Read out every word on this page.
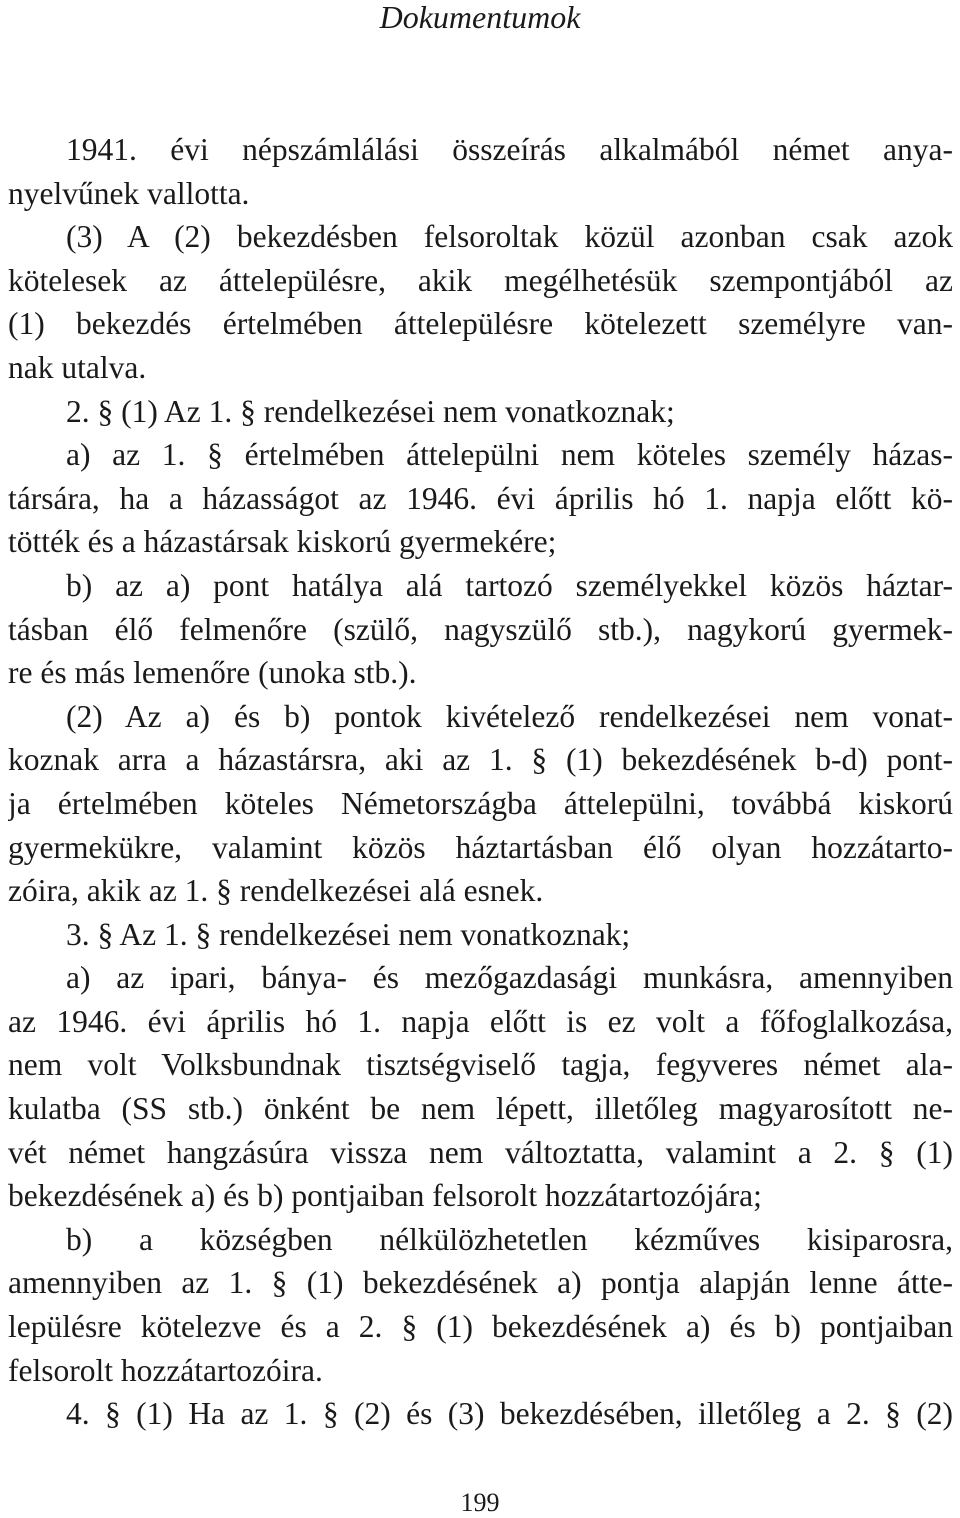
Dokumentumok
1941. évi népszámlálási összeírás alkalmából német anya-
nyelvűnek vallotta.
(3) A (2) bekezdésben felsoroltak közül azonban csak azok
kötelesek az áttelepülésre, akik megélhetésük szempontjából az
(1) bekezdés értelmében áttelepülésre kötelezett személyre van-
nak utalva.
2. § (1) Az 1. § rendelkezései nem vonatkoznak;
a) az 1. § értelmében áttelepülni nem köteles személy házas-
társára, ha a házasságot az 1946. évi április hó 1. napja előtt kö-
tötték és a házastársak kiskorú gyermekére;
b) az a) pont hatálya alá tartozó személyekkel közös háztar-
tásban élő felmenőre (szülő, nagyszülő stb.), nagykorú gyermek-
re és más lemenőre (unoka stb.).
(2) Az a) és b) pontok kivételező rendelkezései nem vonat-
koznak arra a házastársra, aki az 1. § (1) bekezdésének b-d) pont-
ja értelmében köteles Németországba áttelepülni, továbbá kiskorú
gyermekükre, valamint közös háztartásban élő olyan hozzátarto-
zóira, akik az 1. § rendelkezései alá esnek.
3. § Az 1. § rendelkezései nem vonatkoznak;
a) az ipari, bánya- és mezőgazdasági munkásra, amennyiben
az 1946. évi április hó 1. napja előtt is ez volt a főfoglalkozása,
nem volt Volksbundnak tisztségviselő tagja, fegyveres német ala-
kulatba (SS stb.) önként be nem lépett, illetőleg magyarosított ne-
vét német hangzásúra vissza nem változtatta, valamint a 2. § (1)
bekezdésének a) és b) pontjaiban felsorolt hozzátartozójára;
b) a községben nélkülözhetetlen kézműves kisiparosra,
amennyiben az 1. § (1) bekezdésének a) pontja alapján lenne átte-
lepülésre kötelezve és a 2. § (1) bekezdésének a) és b) pontjaiban
felsorolt hozzátartozóira.
4. § (1) Ha az 1. § (2) és (3) bekezdésében, illetőleg a 2. § (2)
199
